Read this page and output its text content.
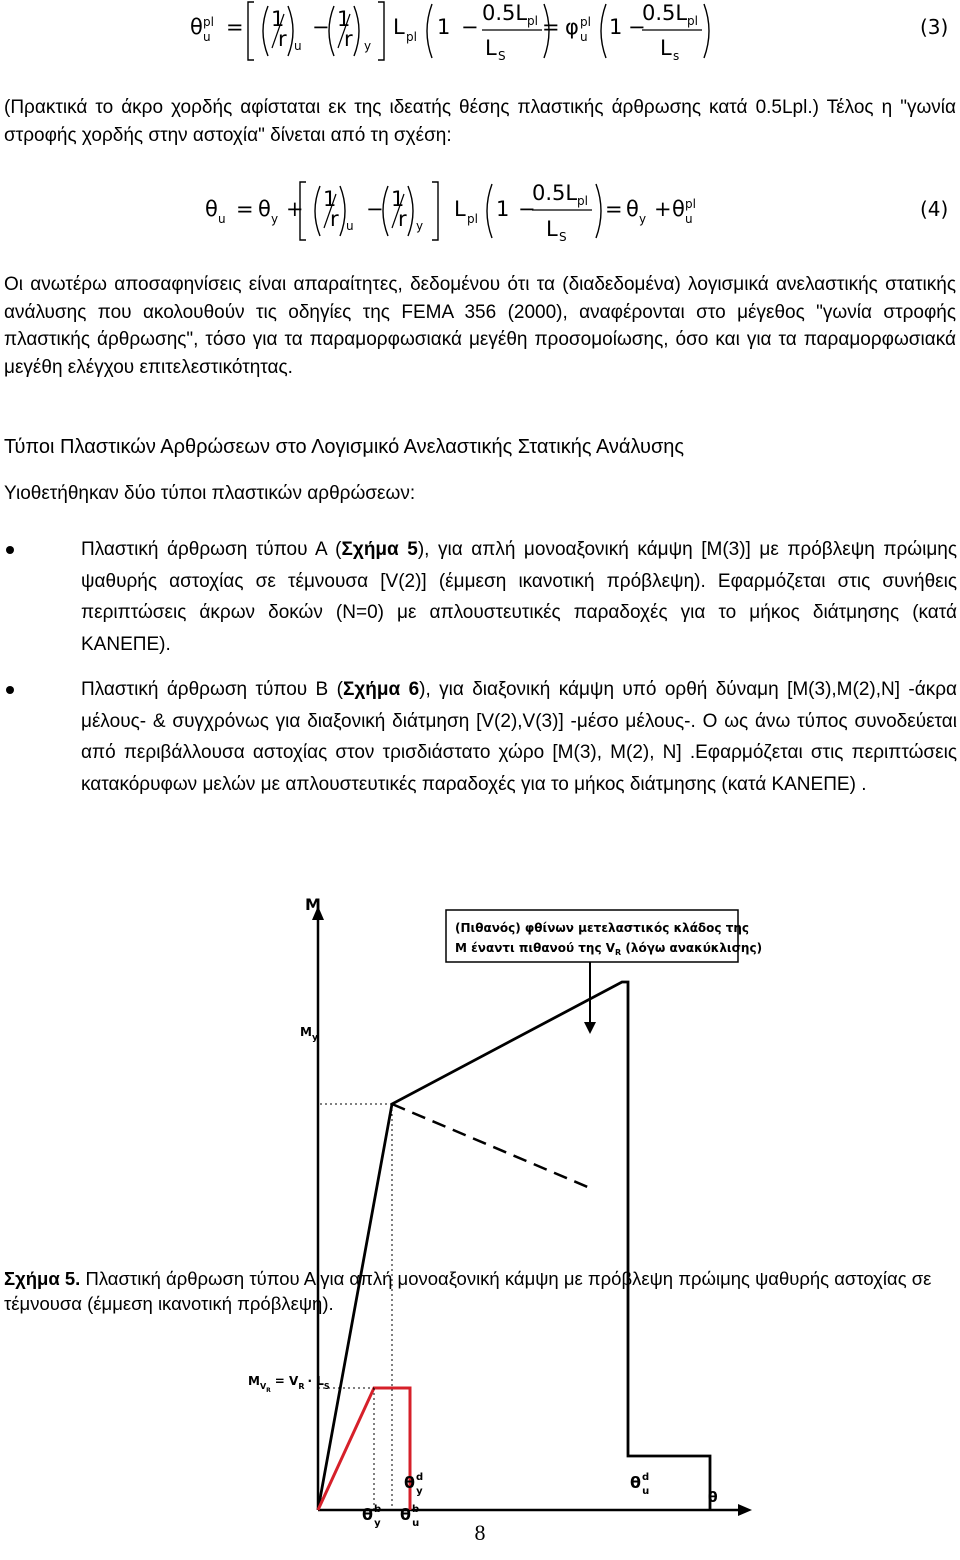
θ pl
u = 1
r u
− 1
r y
L pl 1 −
0.5L pl
L S
= φ pl
u 1 −
0.5L pl
L s
(3)
(Πρακτικά το άκρο χορδής αφίσταται εκ της ιδεατής θέσης πλαστικής άρθρωσης κατά 0.5Lpl.) Τέλος η "γωνία στροφής χορδής στην αστοχία" δίνεται από τη σχέση:
θ u = θ y + 1
r u
− 1
r y
L pl 1 −
0.5L pl
L S
= θ y + θ pl
u	(4)
Οι ανωτέρω αποσαφηνίσεις είναι απαραίτητες, δεδομένου ότι τα (διαδεδομένα) λογισμικά ανελαστικής στατικής ανάλυσης που ακολουθούν τις οδηγίες της FEMA 356 (2000), αναφέρονται στο μέγεθος "γωνία στροφής πλαστικής άρθρωσης", τόσο για τα παραμορφωσιακά μεγέθη προσομοίωσης, όσο και για τα παραμορφωσιακά μεγέθη ελέγχου επιτελεστικότητας.
Τύποι Πλαστικών Αρθρώσεων στο Λογισμικό Ανελαστικής Στατικής Ανάλυσης
Υιοθετήθηκαν δύο τύποι πλαστικών αρθρώσεων:
Πλαστική άρθρωση τύπου Α (Σχήμα 5), για απλή μονοαξονική κάμψη [M(3)] με πρόβλεψη πρώιμης ψαθυρής αστοχίας σε τέμνουσα [V(2)] (έμμεση ικανοτική πρόβλεψη). Εφαρμόζεται στις συνήθεις περιπτώσεις άκρων δοκών (N=0) με απλουστευτικές παραδοχές για το μήκος διάτμησης (κατά ΚΑΝΕΠΕ).
Πλαστική άρθρωση τύπου Β (Σχήμα 6), για διαξονική κάμψη υπό ορθή δύναμη [M(3),M(2),N] -άκρα μέλους- & συγχρόνως για διαξονική διάτμηση [V(2),V(3)] -μέσο μέλους-. Ο ως άνω τύπος συνοδεύεται από περιβάλλουσα αστοχίας στον τρισδιάστατο χώρο [M(3), M(2), N] .Εφαρμόζεται στις περιπτώσεις κατακόρυφων μελών με απλουστευτικές παραδοχές για το μήκος διάτμησης (κατά ΚΑΝΕΠΕ) .
M
θ
(Πιθανός) φθίνων μετελαστικός κλάδος της
M έναντι πιθανού της $V_R$ (λόγω ανακύκλισης)
$M_y$
$M_{VR}= V_R \cdot L_S$
$\theta^b$ y $\theta^b$ u
$\theta^d$ y	$\theta^d$ u
Σχήμα 5. Πλαστική άρθρωση τύπου Α για απλή μονοαξονική κάμψη με πρόβλεψη πρώιμης ψαθυρής αστοχίας σε τέμνουσα (έμμεση ικανοτική πρόβλεψη).
8
